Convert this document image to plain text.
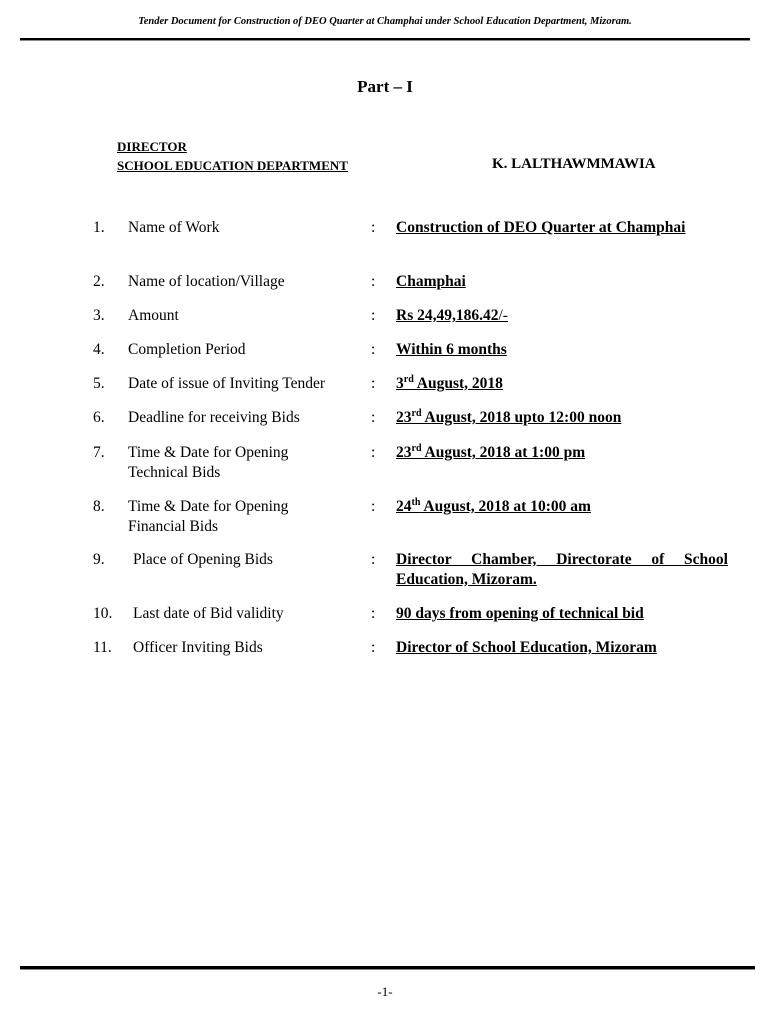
Tender Document for Construction of DEO Quarter at Champhai under School Education Department, Mizoram.
Part – I
DIRECTOR
SCHOOL EDUCATION DEPARTMENT	K. LALTHAWMMAWIA
1. Name of Work	: Construction of DEO Quarter at Champhai
2. Name of location/Village	: Champhai
3. Amount	: Rs 24,49,186.42/-
4. Completion Period	: Within 6 months
5. Date of issue of Inviting Tender	: 3rd August, 2018
6. Deadline for receiving Bids	: 23rd August, 2018 upto 12:00 noon
7. Time & Date for Opening Technical Bids
: 23rd August, 2018 at 1:00 pm
8. Time & Date for Opening Financial Bids
: 24th August, 2018 at 10:00 am
9. Place of Opening Bids	: Director Chamber, Directorate of School Education, Mizoram.
10. Last date of Bid validity	: 90 days from opening of technical bid
11. Officer Inviting Bids	: Director of School Education, Mizoram
-1-
